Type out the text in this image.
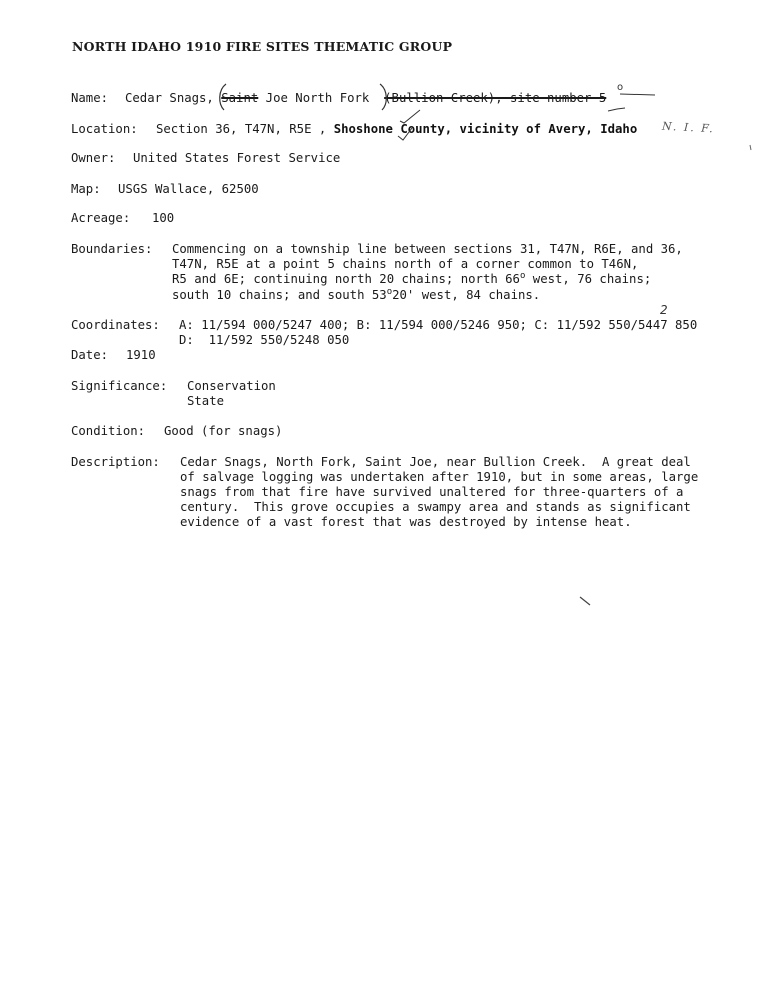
NORTH IDAHO 1910 FIRE SITES THEMATIC GROUP
Name: Cedar Snags, Saint Joe North Fork (Bullion Creek), site number 5
Location: Section 36, T47N, R5E , Shoshone County, vicinity of Avery, Idaho
Owner: United States Forest Service
Map: USGS Wallace, 62500
Acreage: 100
Boundaries: Commencing on a township line between sections 31, T47N, R6E, and 36,
T47N, R5E at a point 5 chains north of a corner common to T46N,
R5 and 6E; continuing north 20 chains; north 66$^o$ west, 76 chains;
south 10 chains; and south 53$^o$20' west, 84 chains.
Coordinates: A: 11/594 000/5247 400; B: 11/594 000/5246 950; C: 11/592 550/5447 850
D:  11/592 550/5248 050
2
Date: 1910
Significance: Conservation
State
Condition: Good (for snags)
Description: Cedar Snags, North Fork, Saint Joe, near Bullion Creek.  A great deal
of salvage logging was undertaken after 1910, but in some areas, large
snags from that fire have survived unaltered for three-quarters of a
century.  This grove occupies a swampy area and stands as significant
evidence of a vast forest that was destroyed by intense heat.
N. I. F.
o
